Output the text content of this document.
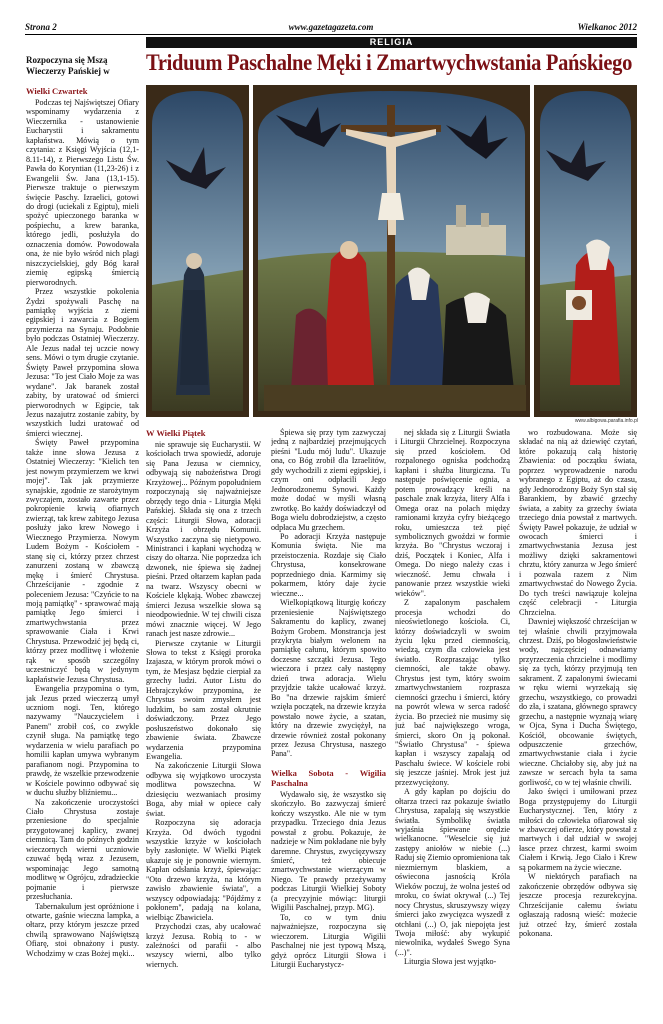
Strona 2	www.gazetagazeta.com	Wielkanoc 2012
RELIGIA
Rozpoczyna się Mszą Wieczerzy Pańskiej w	Triduum Paschalne Męki i Zmartwychwstania Pańskiego
www.albigowa.parafia.info.pl

Wielki Czwartek

Podczas tej Najświętszej Ofiary wspominamy wydarzenia z Wieczernika - ustanowienie Eucharystii i sakramentu kapłaństwa. Mówią o tym czytania: z Księgi Wyjścia (12,1-8.11-14), z Pierwszego Listu Św. Pawła do Koryntian (11,23-26) i z Ewangelii Św. Jana (13,1-15). Pierwsze traktuje o pierwszym święcie Paschy. Izraelici, gotowi do drogi (uciekali z Egiptu), mieli spożyć upieczonego baranka w pośpiechu, a krew baranka, którego jedli, posłużyła do oznaczenia domów. Powodowała ona, że nie było wśród nich plagi niszczycielskiej, gdy Bóg karał ziemię egipską śmiercią pierworodnych.

Przez wszystkie pokolenia Żydzi spożywali Paschę na pamiątkę wyjścia z ziemi egipskiej i zawarcia z Bogiem przymierza na Synaju. Podobnie było podczas Ostatniej Wieczerzy. Ale Jezus nadał tej uczcie nowy sens. Mówi o tym drugie czytanie. Święty Paweł przypomina słowa Jezusa: "To jest Ciało Moje za was wydane". Jak baranek został zabity, by uratować od śmierci pierworodnych w Egipcie, tak Jezus nazajutrz zostanie zabity, by wszystkich ludzi uratować od śmierci wiecznej.

Święty Paweł przypomina także inne słowa Jezusa z Ostatniej Wieczerzy: "Kielich ten jest nowym przymierzem we krwi mojej". Tak jak przymierze synajskie, zgodnie ze starożytnym zwyczajem, zostało zawarte przez pokropienie krwią ofiarnych zwierząt, tak krew zabitego Jezusa posłuży jako krew Nowego i Wiecznego Przymierza. Nowym Ludem Bożym - Kościołem - stanę się ci, którzy przez chrzest zanurzeni zostaną w zbawczą mękę i śmierć Chrystusa. Chrześcijanie - zgodnie z poleceniem Jezusa: "Czyńcie to na moją pamiątkę" - sprawować mają pamiątkę Jego śmierci i zmartwychwstania przez sprawowanie Ciała i Krwi Chrystusa. Przewodzić jej będą ci, którzy przez modlitwę i włożenie rąk w sposób szczególny uczestniczyć będą w jedynym kapłaństwie Jezusa Chrystusa.

Ewangelia przypomina o tym, jak Jezus przed wieczerzą umył uczniom nogi. Ten, którego nazywamy "Nauczycielem i Panem" zrobił coś, co zwykle czynił sługa. Na pamiątkę tego wydarzenia w wielu parafiach po homilii kapłan umywa wybranym parafianom nogi. Przypomina to prawdę, że wszelkie przewodzenie w Kościele powinno odbywać się w duchu służby bliźniemu...

Na zakończenie uroczystości Ciało Chrystusa zostaje przeniesione do specjalnie przygotowanej kaplicy, zwanej ciemnicą. Tam do późnych godzin wieczornych wierni uczniowie czuwać będą wraz z Jezusem, wspominając Jego samotną modlitwę w Ogrójcu, zdradzieckie pojmanie i pierwsze przesłuchania.

Tabernakulum jest opróżnione i otwarte, gaśnie wieczna lampka, a ołtarz, przy którym jeszcze przed chwilą sprawowano Najświętszą Ofiarę, stoi obnażony i pusty. Wchodzimy w czas Bożej męki...

W Wielki Piątek

nie sprawuje się Eucharystii. W kościołach trwa spowiedź, adoruje się Pana Jezusa w ciemnicy, odbywają się nabożeństwa Drogi Krzyżowej... Późnym popołudniem rozpoczynają się najważniejsze obrzędy tego dnia - Liturgia Męki Pańskiej. Składa się ona z trzech części: Liturgii Słowa, adoracji Krzyża i obrzędu Komunii. Wszystko zaczyna się nietypowo. Ministranci i kapłani wychodzą w ciszy do ołtarza. Nie poprzedza ich dzwonek, nie śpiewa się żadnej pieśni. Przed ołtarzem kapłan pada na twarz. Wszyscy obecni w Kościele klękają. Wobec zbawczej śmierci Jezusa wszelkie słowa są nieodpowiednie. W tej chwili cisza mówi znacznie więcej. W Jego ranach jest nasze zdrowie...

Pierwsze czytanie w Liturgii Słowa to tekst z Księgi proroka Izajasza, w którym prorok mówi o tym, że Mesjasz będzie cierpiał za grzechy ludzi. Autor Listu do Hebrajczyków przypomina, że Chrystus swoim zmysłem jest ludzkim, bo sam został okrutnie doświadczony. Przez Jego posłuszeństwo dokonało się zbawienie świata. Zbawcze wydarzenia przypomina Ewangelia.

Na zakończenie Liturgii Słowa odbywa się wyjątkowo uroczysta modlitwa powszechna. W dziesięciu wezwaniach prosimy Boga, aby miał w opiece cały świat.

Rozpoczyna się adoracja Krzyża. Od dwóch tygodni wszystkie krzyże w kościołach były zasłonięte. W Wielki Piątek ukazuje się je ponownie wiernym. Kapłan odsłania krzyż, śpiewając: "Oto drzewo krzyża, na którym zawisło zbawienie świata", a wszyscy odpowiadają: "Pójdźmy z pokłonem", padają na kolana, wielbiąc Zbawiciela.

Przychodzi czas, aby ucałować krzyż Jezusa. Robią to - w zależności od parafii - albo wszyscy wierni, albo tylko wiernych.

Śpiewa się przy tym zazwyczaj jedną z najbardziej przejmujących pieśni "Ludu mój ludu". Ukazuje ona, co Bóg zrobił dla Izraelitów, gdy wychodzili z ziemi egipskiej, i czym oni odpłacili Jego Jednorodzonemu Synowi. Każdy może dodać w myśli własną zwrotkę. Bo każdy doświadczył od Boga wielu dobrodziejstw, a często odpłaca Mu grzechem.

Po adoracji Krzyża następuje Komunia święta. Nie ma przeistoczenia. Rozdaje się Ciało Chrystusa, konsekrowane poprzedniego dnia. Karmimy się pokarmem, który daje życie wieczne...

Wielkopiątkową liturgię kończy przeniesienie Najświętszego Sakramentu do kaplicy, zwanej Bożym Grobem. Monstrancja jest przykryta białym welonem na pamiątkę całunu, którym spowito doczesne szczątki Jezusa. Tego wieczora i przez cały następny dzień trwa adoracja. Wielu przyjdzie także ucałować krzyż. Bo "na drzewie rajskim śmierć wzięła początek, na drzewie krzyża powstało nowe życie, a szatan, który na drzewie zwyciężył, na drzewie również został pokonany przez Jezusa Chrystusa, naszego Pana".

Wielka Sobota - Wigilia Paschalna

Wydawało się, że wszystko się skończyło. Bo zazwyczaj śmierć kończy wszystko. Ale nie w tym przypadku. Trzeciego dnia Jezus powstał z grobu. Pokazuje, że nadzieje w Nim pokładane nie były daremne. Chrystus, zwycięzywszy śmierć, też obiecuje zmartwychwstanie wierzącym w Niego. Te prawdy przeżywamy podczas Liturgii Wielkiej Soboty (a precyzyjnie mówiąc: liturgii Wigilii Paschalnej, przyp. MG).

To, co w tym dniu najważniejsze, rozpoczyna się wieczorem. Liturgia Wigilii Paschalnej nie jest typową Mszą, gdyż oprócz Liturgii Słowa i Liturgii Eucharystycz-

nej składa się z Liturgii Światła i Liturgii Chrzcielnej. Rozpoczyna się przed kościołem. Od rozpalonego ogniska podchodzą kapłani i służba liturgiczna. Tu następuje poświęcenie ognia, a potem prowadzący kreśli na paschale znak krzyża, litery Alfa i Omega oraz na polach między ramionami krzyża cyfry bieżącego roku, umieszcza też pięć symbolicznych gwoździ w formie krzyża. Bo "Chrystus wczoraj i dziś, Początek i Koniec, Alfa i Omega. Do niego należy czas i wieczność. Jemu chwała i panowanie przez wszystkie wieki wieków".

Z zapalonym paschałem procesja wchodzi do nieoświetlonego kościoła. Ci, którzy doświadczyli w swoim życiu lęku przed ciemnością, wiedzą, czym dla człowieka jest światło. Rozpraszając tylko ciemności, ale także obawy. Chrystus jest tym, który swoim zmartwychwstaniem rozprasza ciemności grzechu i śmierci, który na powrót wlewa w serca radość życia. Bo przecież nie musimy się już bać największego wroga, śmierci, skoro On ją pokonał. "Światło Chrystusa" - śpiewa kapłan i wszyscy zapalają od Paschału świece. W kościele robi się jeszcze jaśniej. Mrok jest już przezwyciężony.

A gdy kapłan po dojściu do ołtarza trzeci raz pokazuje światło Chrystusa, zapalają się wszystkie światła. Symbolikę światła wyjaśnia śpiewane orędzie wielkanocne. "Weselcie się już zastępy aniołów w niebie (...) Raduj się Ziemio opromieniona tak niezmiernym blaskiem, a oświecona jasnością Króla Wieków poczuj, że wolna jesteś od mroku, co świat okrywał (...) Tej nocy Chrystus, skruszywszy więzy śmierci jako zwycięzca wyszedł z otchłani (...) O, jak niepojęta jest Twoja miłość: aby wykupić niewolnika, wydałeś Swego Syna (...)".

Liturgia Słowa jest wyjątko-

wo rozbudowana. Może się składać na nią aż dziewięć czytań, które pokazują całą historię Zbawienia: od początku świata, poprzez wyprowadzenie narodu wybranego z Egiptu, aż do czasu, gdy Jednorodzony Boży Syn stał się Barankiem, by zbawić grzechy świata, a zabity za grzechy świata trzeciego dnia powstał z martwych. Święty Paweł pokazuje, że udział w owocach śmierci i zmartwychwstania Jezusa jest możliwy dzięki sakramentowi chrztu, który zanurza w Jego śmierć i pozwala razem z Nim zmartwychwstać do Nowego Życia. Do tych treści nawiązuje kolejna część celebracji - Liturgia Chrzcielna.

Dawniej większość chrześcijan w tej właśnie chwili przyjmowała chrzest. Dziś, po błogosławieństwie wody, najczęściej odnawiamy przyrzeczenia chrzcielne i modlimy się za tych, którzy przyjmują ten sakrament. Z zapalonymi świecami w ręku wierni wyrzekają się grzechu, wszystkiego, co prowadzi do zła, i szatana, głównego sprawcy grzechu, a następnie wyznają wiarę w Ojca, Syna i Ducha Świętego, Kościół, obcowanie świętych, odpuszczenie grzechów, zmartwychwstanie ciała i życie wieczne. Chciałoby się, aby już na zawsze w sercach była ta sama gorliwość, co w tej właśnie chwili.

Jako święci i umiłowani przez Boga przystępujemy do Liturgii Eucharystycznej. Ten, który z miłości do człowieka ofiarował się w zbawczej ofierze, który powstał z martwych i dał udział w swojej łasce przez chrzest, karmi swoim Ciałem i Krwią. Jego Ciało i Krew są pokarmem na życie wieczne.

W niektórych parafiach na zakończenie obrzędów odbywa się jeszcze procesja rezurekcyjna. Chrześcijanie całemu światu ogłaszają radosną wieść: możecie już otrzeć łzy, śmierć została pokonana.
